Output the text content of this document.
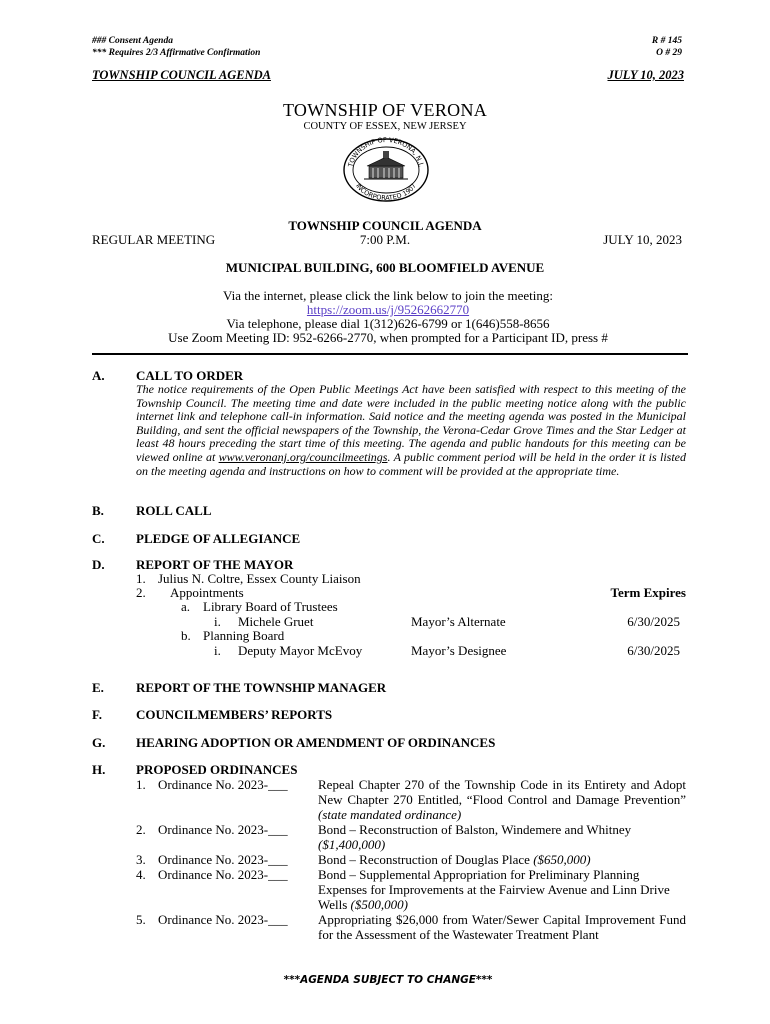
### Consent Agenda
*** Requires 2/3 Affirmative Confirmation
R # 145
O # 29
TOWNSHIP COUNCIL AGENDA	JULY 10, 2023
TOWNSHIP OF VERONA
COUNTY OF ESSEX, NEW JERSEY
TOWNSHIP OF VERONA, N.J.
INCORPORATED 1907
TOWNSHIP COUNCIL AGENDA
REGULAR MEETING	7:00 P.M.	JULY 10, 2023
MUNICIPAL BUILDING, 600 BLOOMFIELD AVENUE
Via the internet, please click the link below to join the meeting:
https://zoom.us/j/95262662770
Via telephone, please dial 1(312)626-6799 or 1(646)558-8656
Use Zoom Meeting ID: 952-6266-2770, when prompted for a Participant ID, press #
A. CALL TO ORDER
The notice requirements of the Open Public Meetings Act have been satisfied with respect to this meeting of the Township Council. The meeting time and date were included in the public meeting notice along with the public internet link and telephone call-in information. Said notice and the meeting agenda was posted in the Municipal Building, and sent the official newspapers of the Township, the Verona-Cedar Grove Times and the Star Ledger at least 48 hours preceding the start time of this meeting. The agenda and public handouts for this meeting can be viewed online at www.veronanj.org/councilmeetings. A public comment period will be held in the order it is listed on the meeting agenda and instructions on how to comment will be provided at the appropriate time.
B. ROLL CALL
C. PLEDGE OF ALLEGIANCE
D. REPORT OF THE MAYOR
1. Julius N. Coltre, Essex County Liaison
2. Appointments	Term Expires
a. Library Board of Trustees
i. Michele Gruet	Mayor’s Alternate	6/30/2025
b. Planning Board
i. Deputy Mayor McEvoy	Mayor’s Designee	6/30/2025
E. REPORT OF THE TOWNSHIP MANAGER
F.	COUNCILMEMBERS’ REPORTS
G. HEARING ADOPTION OR AMENDMENT OF ORDINANCES
H. PROPOSED ORDINANCES
1. Ordinance No. 2023-___ Repeal Chapter 270 of the Township Code in its Entirety and Adopt New Chapter 270 Entitled, “Flood Control and Damage Prevention” (state mandated ordinance)
2. Ordinance No. 2023-___ Bond – Reconstruction of Balston, Windemere and Whitney ($1,400,000)
3. Ordinance No. 2023-___ Bond – Reconstruction of Douglas Place ($650,000)
4. Ordinance No. 2023-___ Bond – Supplemental Appropriation for Preliminary Planning Expenses for Improvements at the Fairview Avenue and Linn Drive Wells ($500,000)
5. Ordinance No. 2023-___ Appropriating $26,000 from Water/Sewer Capital Improvement Fund for the Assessment of the Wastewater Treatment Plant
***AGENDA SUBJECT TO CHANGE***
